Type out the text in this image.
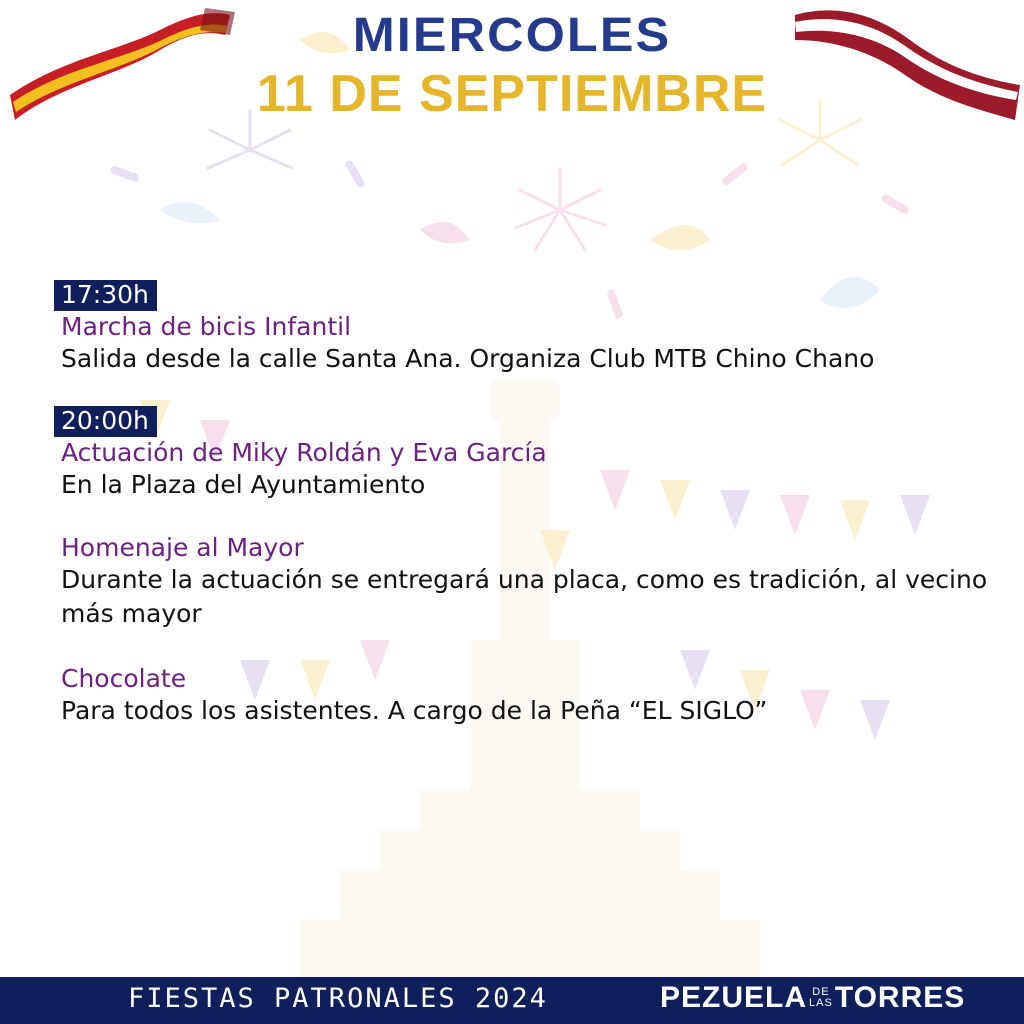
MIERCOLES
11 DE SEPTIEMBRE
17:30h
Marcha de bicis Infantil
Salida desde la calle Santa Ana. Organiza Club MTB Chino Chano
20:00h
Actuación de Miky Roldán y Eva García
En la Plaza del Ayuntamiento
Homenaje al Mayor
Durante la actuación se entregará una placa, como es tradición, al vecino más mayor
Chocolate
Para todos los asistentes. A cargo de la Peña “EL SIGLO”
FIESTAS PATRONALES 2024	PEZUELA DE
LAS TORRES
